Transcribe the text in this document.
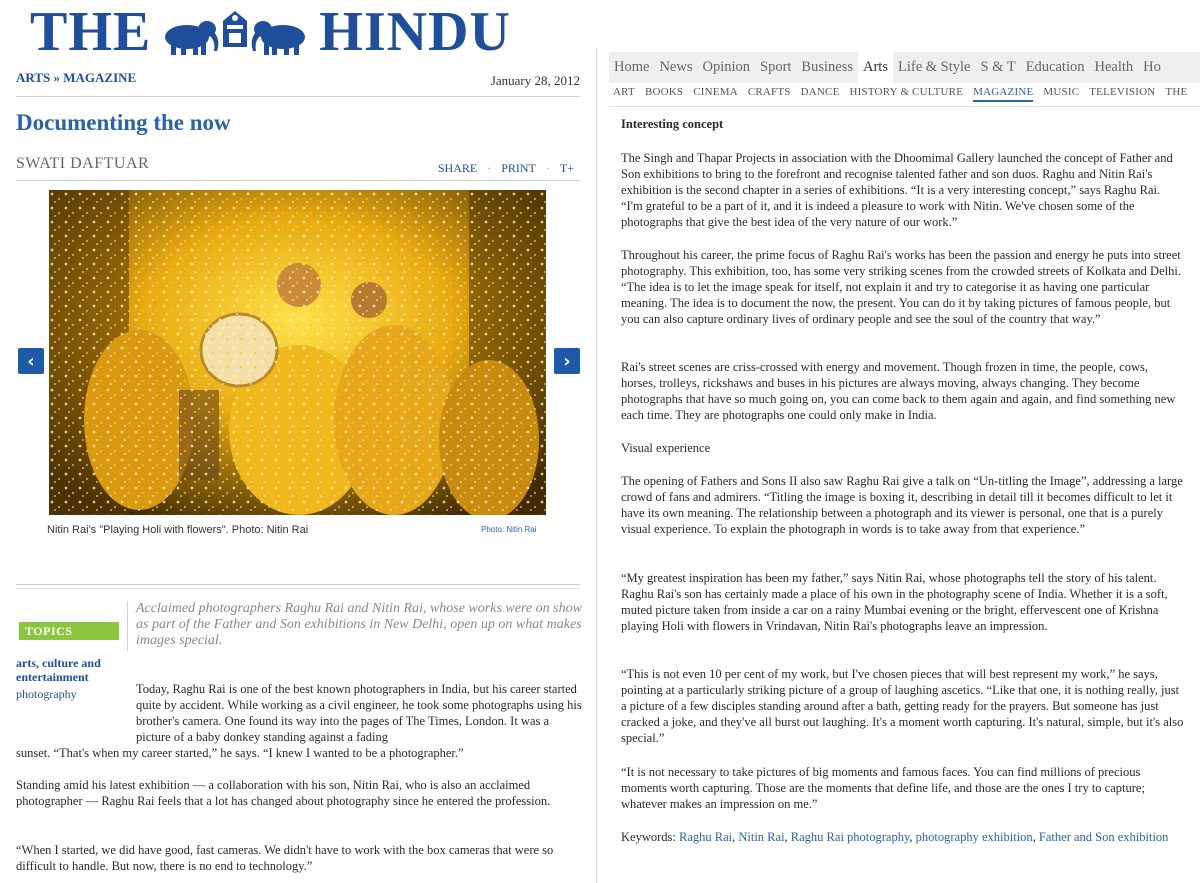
THE	HINDU
ARTS » MAGAZINE	January 28, 2012
Documenting the now
SWATI DAFTUAR	SHARE · PRINT · T+
‹	›
Nitin Rai's "Playing Holi with flowers". Photo: Nitin Rai	Photo: Nitin Rai
Acclaimed photographers Raghu Rai and Nitin Rai, whose works were on show as part of the Father and Son exhibitions in New Delhi, open up on what makes images special.
TOPICS
arts, culture and entertainment
photography	Today, Raghu Rai is one of the best known photographers in India, but his career started quite by accident. While working as a civil engineer, he took some photographs using his brother's camera. One found its way into the pages of The Times, London. It was a picture of a baby donkey standing against a fading

sunset. “That's when my career started,” he says. “I knew I wanted to be a photographer.”

Standing amid his latest exhibition — a collaboration with his son, Nitin Rai, who is also an acclaimed photographer — Raghu Rai feels that a lot has changed about photography since he entered the profession.

“When I started, we did have good, fast cameras. We didn't have to work with the box cameras that were so difficult to handle. But now, there is no end to technology.”

Home News Opinion Sport Business Arts Life & Style S & T Education Health Ho
ART BOOKS CINEMA CRAFTS DANCE HISTORY & CULTURE MAGAZINE MUSIC TELEVISION THE
Interesting concept

The Singh and Thapar Projects in association with the Dhoomimal Gallery launched the concept of Father and Son exhibitions to bring to the forefront and recognise talented father and son duos. Raghu and Nitin Rai's exhibition is the second chapter in a series of exhibitions. “It is a very interesting concept,” says Raghu Rai. “I'm grateful to be a part of it, and it is indeed a pleasure to work with Nitin. We've chosen some of the photographs that give the best idea of the very nature of our work.”

Throughout his career, the prime focus of Raghu Rai's works has been the passion and energy he puts into street photography. This exhibition, too, has some very striking scenes from the crowded streets of Kolkata and Delhi. “The idea is to let the image speak for itself, not explain it and try to categorise it as having one particular meaning. The idea is to document the now, the present. You can do it by taking pictures of famous people, but you can also capture ordinary lives of ordinary people and see the soul of the country that way.”

Rai's street scenes are criss-crossed with energy and movement. Though frozen in time, the people, cows, horses, trolleys, rickshaws and buses in his pictures are always moving, always changing. They become photographs that have so much going on, you can come back to them again and again, and find something new each time. They are photographs one could only make in India.

Visual experience

The opening of Fathers and Sons II also saw Raghu Rai give a talk on “Un-titling the Image”, addressing a large crowd of fans and admirers. “Titling the image is boxing it, describing in detail till it becomes difficult to let it have its own meaning. The relationship between a photograph and its viewer is personal, one that is a purely visual experience. To explain the photograph in words is to take away from that experience.”

“My greatest inspiration has been my father,” says Nitin Rai, whose photographs tell the story of his talent. Raghu Rai's son has certainly made a place of his own in the photography scene of India. Whether it is a soft, muted picture taken from inside a car on a rainy Mumbai evening or the bright, effervescent one of Krishna playing Holi with flowers in Vrindavan, Nitin Rai's photographs leave an impression.

“This is not even 10 per cent of my work, but I've chosen pieces that will best represent my work,” he says, pointing at a particularly striking picture of a group of laughing ascetics. “Like that one, it is nothing really, just a picture of a few disciples standing around after a bath, getting ready for the prayers. But someone has just cracked a joke, and they've all burst out laughing. It's a moment worth capturing. It's natural, simple, but it's also special.”

“It is not necessary to take pictures of big moments and famous faces. You can find millions of precious moments worth capturing. Those are the moments that define life, and those are the ones I try to capture; whatever makes an impression on me.”

Keywords: Raghu Rai, Nitin Rai, Raghu Rai photography, photography exhibition, Father and Son exhibition
